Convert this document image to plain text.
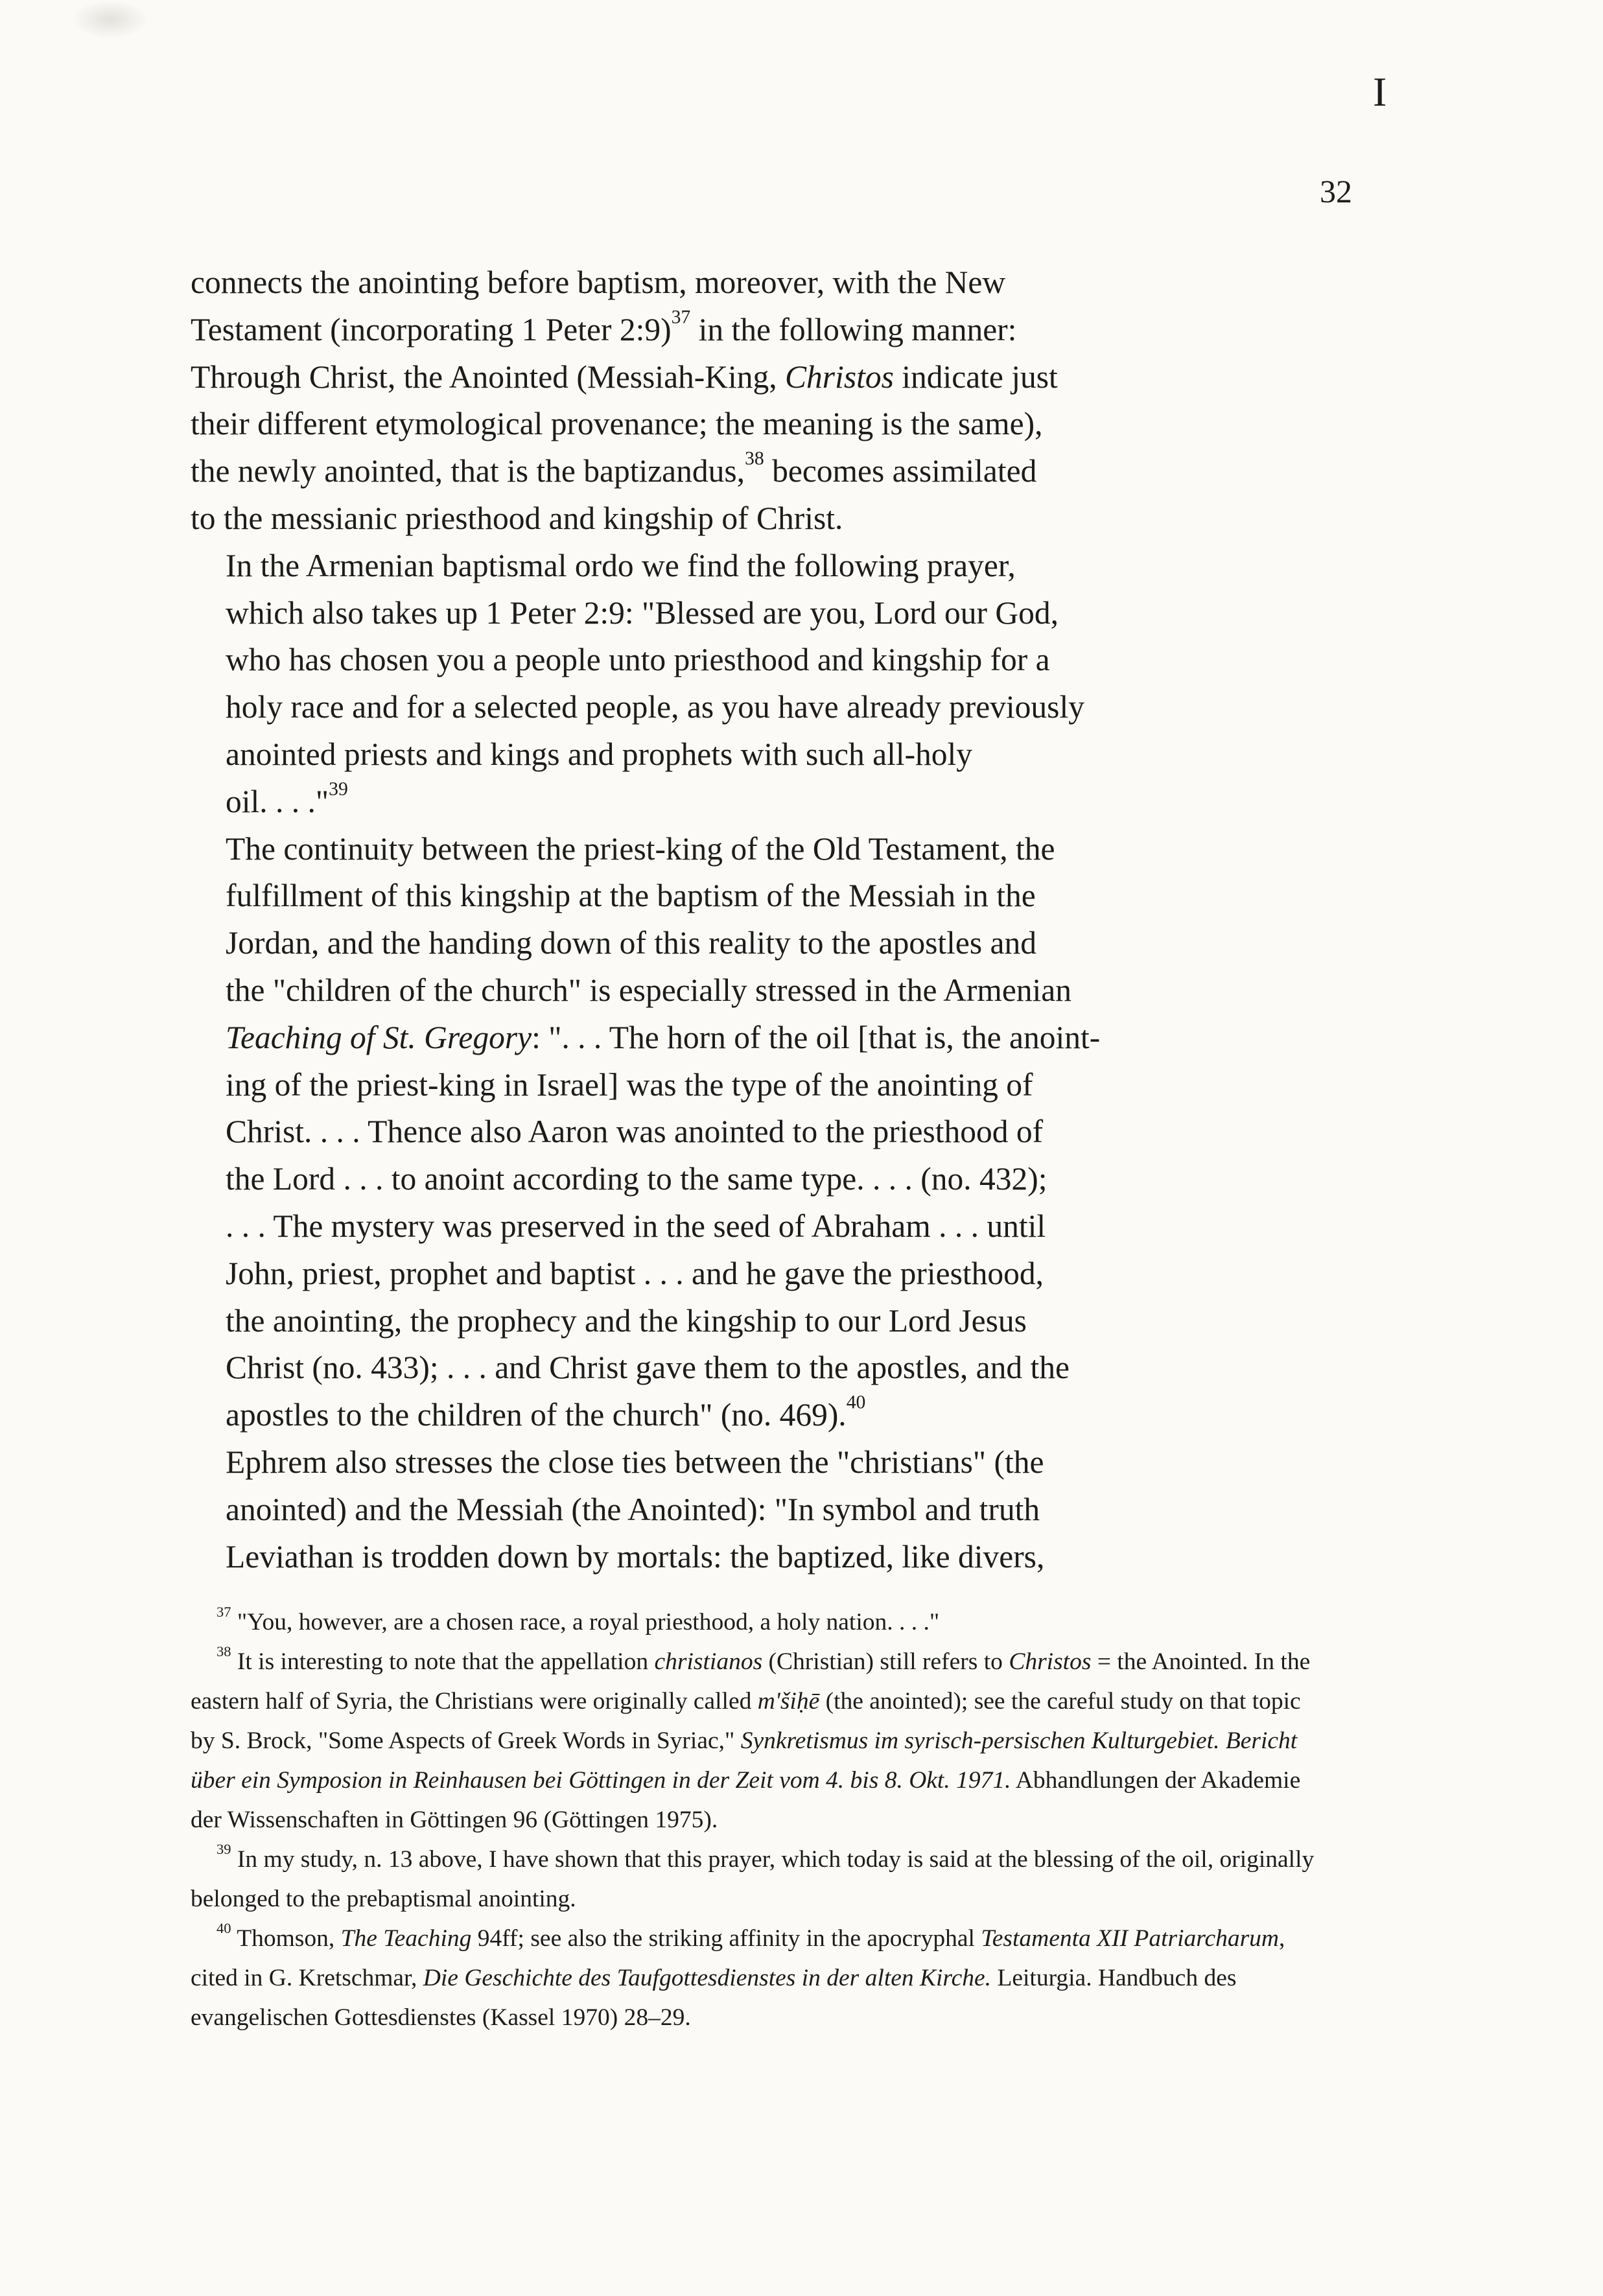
I
32

connects the anointing before baptism, moreover, with the New
Testament (incorporating 1 Peter 2:9)$^{37}$ in the following manner:
Through Christ, the Anointed (Messiah-King, Christos indicate just
their different etymological provenance; the meaning is the same),
the newly anointed, that is the baptizandus,$^{38}$ becomes assimilated
to the messianic priesthood and kingship of Christ.

In the Armenian baptismal ordo we find the following prayer,
which also takes up 1 Peter 2:9: "Blessed are you, Lord our God,
who has chosen you a people unto priesthood and kingship for a
holy race and for a selected people, as you have already previously
anointed priests and kings and prophets with such all-holy
oil. . . ."$^{39}$

The continuity between the priest-king of the Old Testament, the
fulfillment of this kingship at the baptism of the Messiah in the
Jordan, and the handing down of this reality to the apostles and
the "children of the church" is especially stressed in the Armenian
Teaching of St. Gregory: ". . . The horn of the oil [that is, the anoint-
ing of the priest-king in Israel] was the type of the anointing of
Christ. . . . Thence also Aaron was anointed to the priesthood of
the Lord . . . to anoint according to the same type. . . . (no. 432);
. . . The mystery was preserved in the seed of Abraham . . . until
John, priest, prophet and baptist . . . and he gave the priesthood,
the anointing, the prophecy and the kingship to our Lord Jesus
Christ (no. 433); . . . and Christ gave them to the apostles, and the
apostles to the children of the church" (no. 469).$^{40}$

Ephrem also stresses the close ties between the "christians" (the
anointed) and the Messiah (the Anointed): "In symbol and truth
Leviathan is trodden down by mortals: the baptized, like divers,

$^{37}$ "You, however, are a chosen race, a royal priesthood, a holy nation. . . ."

$^{38}$ It is interesting to note that the appellation christianos (Christian) still refers to Christos = the Anointed. In the eastern half of Syria, the Christians were originally called m'šiḥē (the anointed); see the careful study on that topic by S. Brock, "Some Aspects of Greek Words in Syriac," Synkretismus im syrisch-persischen Kulturgebiet. Bericht über ein Symposion in Reinhausen bei Göttingen in der Zeit vom 4. bis 8. Okt. 1971. Abhandlungen der Akademie der Wissenschaften in Göttingen 96 (Göttingen 1975).

$^{39}$ In my study, n. 13 above, I have shown that this prayer, which today is said at the blessing of the oil, originally belonged to the prebaptismal anointing.

$^{40}$ Thomson, The Teaching 94ff; see also the striking affinity in the apocryphal Testamenta XII Patriarcharum, cited in G. Kretschmar, Die Geschichte des Taufgottesdienstes in der alten Kirche. Leiturgia. Handbuch des evangelischen Gottesdienstes (Kassel 1970) 28–29.
